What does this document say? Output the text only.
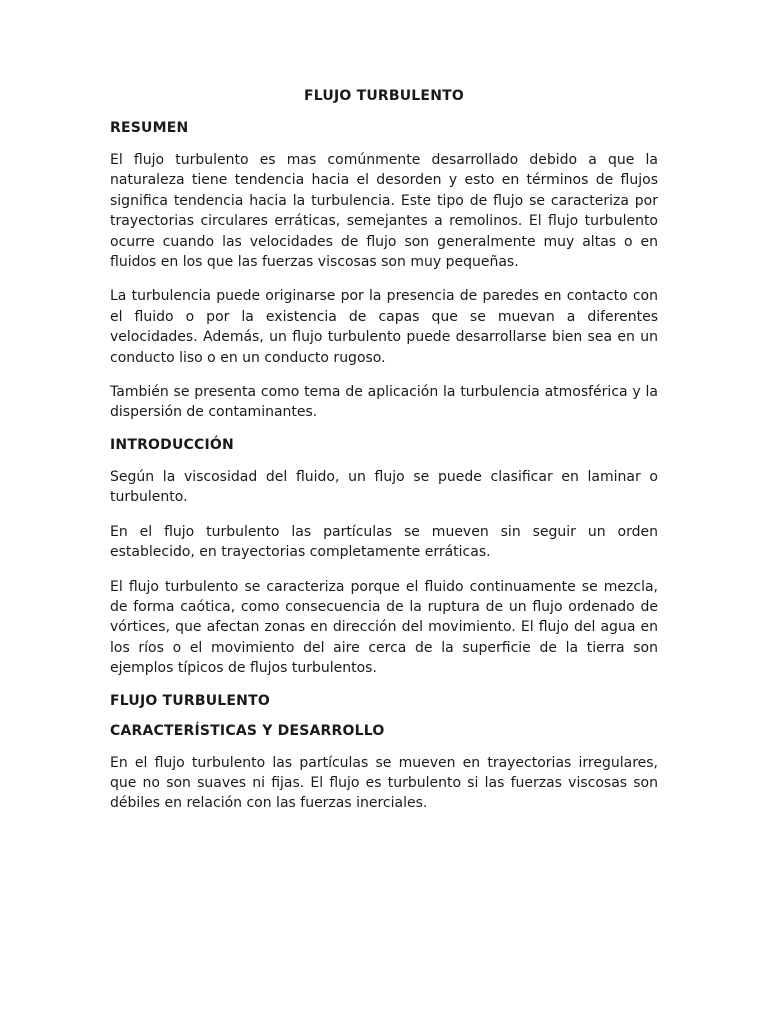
FLUJO TURBULENTO
RESUMEN

El flujo turbulento es mas comúnmente desarrollado debido a que la naturaleza tiene tendencia hacia el desorden y esto en términos de flujos significa tendencia hacia la turbulencia. Este tipo de flujo se caracteriza por trayectorias circulares erráticas, semejantes a remolinos. El flujo turbulento ocurre cuando las velocidades de flujo son generalmente muy altas o en fluidos en los que las fuerzas viscosas son muy pequeñas.

La turbulencia puede originarse por la presencia de paredes en contacto con el fluido o por la existencia de capas que se muevan a diferentes velocidades. Además, un flujo turbulento puede desarrollarse bien sea en un conducto liso o en un conducto rugoso.

También se presenta como tema de aplicación la turbulencia atmosférica y la dispersión de contaminantes.

INTRODUCCIÓN

Según la viscosidad del fluido, un flujo se puede clasificar en laminar o turbulento.

En el flujo turbulento las partículas se mueven sin seguir un orden establecido, en trayectorias completamente erráticas.

El flujo turbulento se caracteriza porque el fluido continuamente se mezcla, de forma caótica, como consecuencia de la ruptura de un flujo ordenado de vórtices, que afectan zonas en dirección del movimiento. El flujo del agua en los ríos o el movimiento del aire cerca de la superficie de la tierra son ejemplos típicos de flujos turbulentos.

FLUJO TURBULENTO
CARACTERÍSTICAS Y DESARROLLO

En el flujo turbulento las partículas se mueven en trayectorias irregulares, que no son suaves ni fijas. El flujo es turbulento si las fuerzas viscosas son débiles en relación con las fuerzas inerciales.
